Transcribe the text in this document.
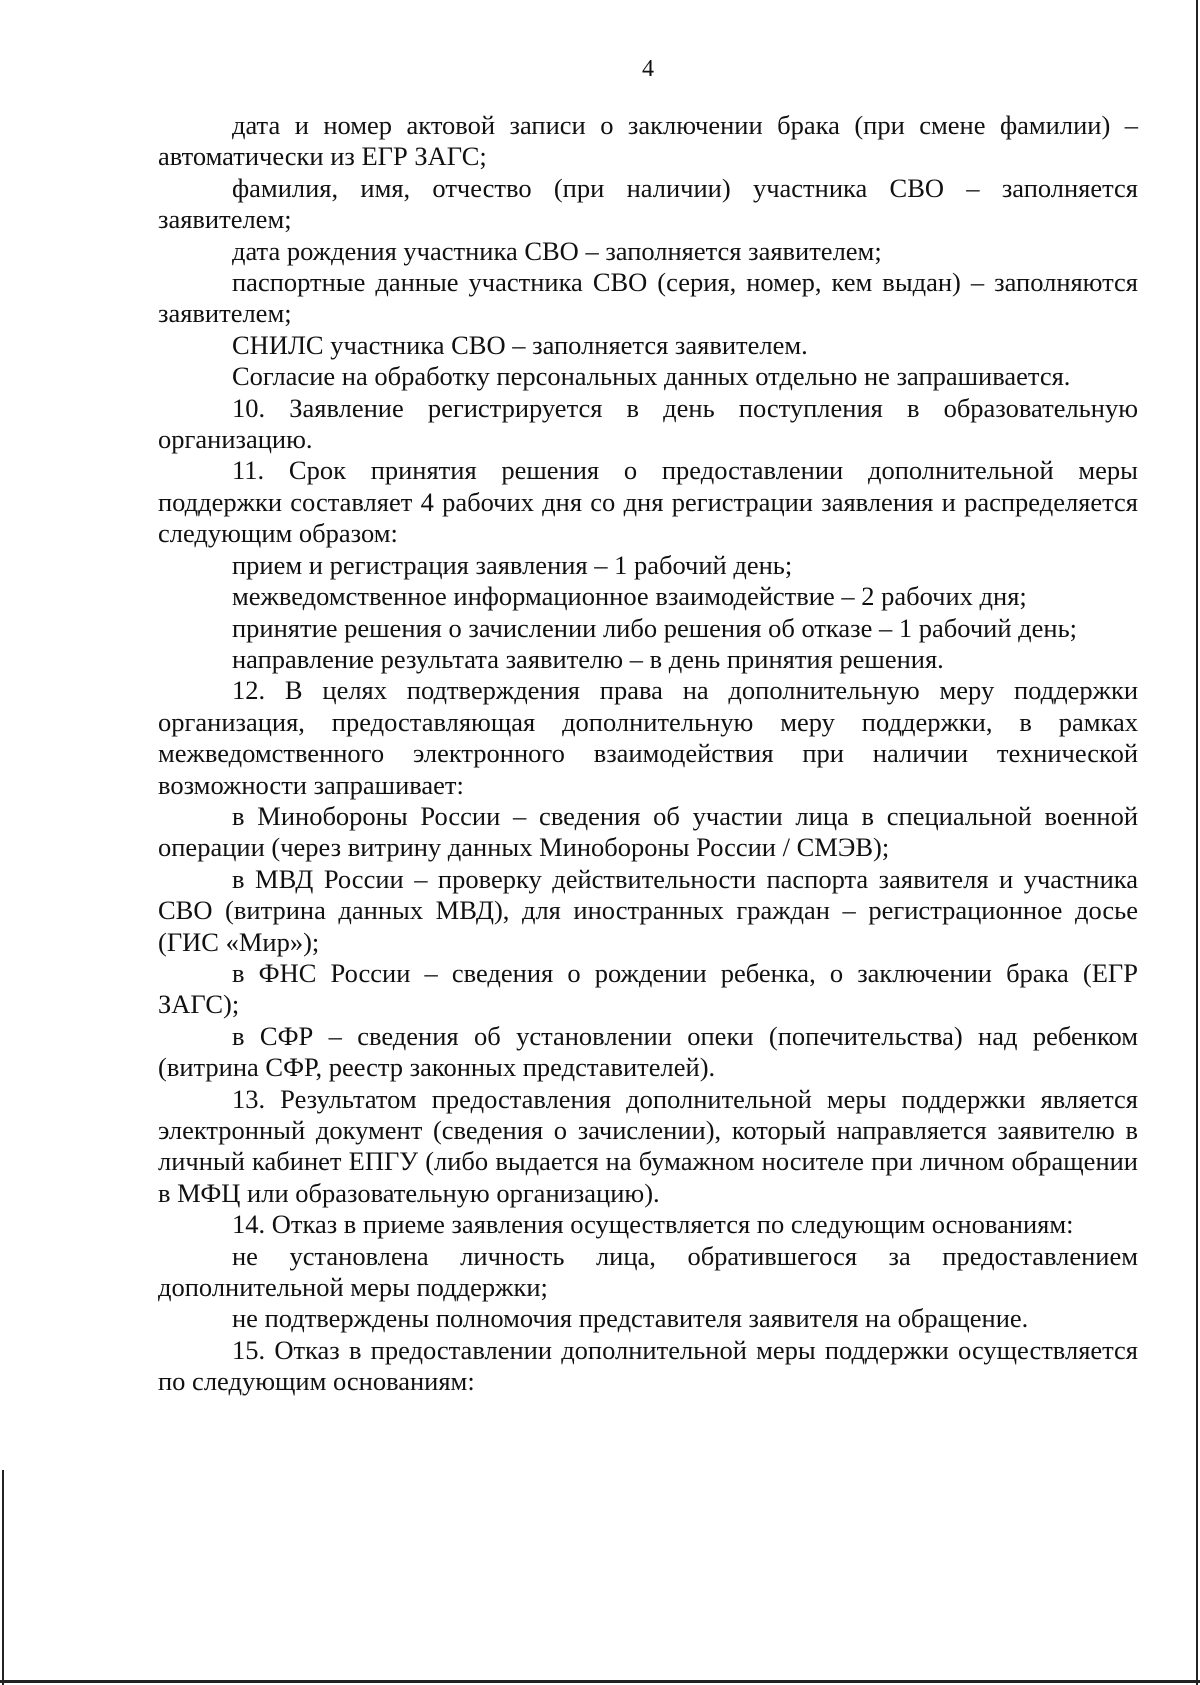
4

дата и номер актовой записи о заключении брака (при смене фамилии) – автоматически из ЕГР ЗАГС;

фамилия, имя, отчество (при наличии) участника СВО – заполняется заявителем;

дата рождения участника СВО – заполняется заявителем;

паспортные данные участника СВО (серия, номер, кем выдан) – заполняются заявителем;

СНИЛС участника СВО – заполняется заявителем.

Согласие на обработку персональных данных отдельно не запрашивается.

10. Заявление регистрируется в день поступления в образовательную организацию.

11. Срок принятия решения о предоставлении дополнительной меры поддержки составляет 4 рабочих дня со дня регистрации заявления и распределяется следующим образом:

прием и регистрация заявления – 1 рабочий день;

межведомственное информационное взаимодействие – 2 рабочих дня;

принятие решения о зачислении либо решения об отказе – 1 рабочий день;

направление результата заявителю – в день принятия решения.

12. В целях подтверждения права на дополнительную меру поддержки организация, предоставляющая дополнительную меру поддержки, в рамках межведомственного электронного взаимодействия при наличии технической возможности запрашивает:

в Минобороны России – сведения об участии лица в специальной военной операции (через витрину данных Минобороны России / СМЭВ);

в МВД России – проверку действительности паспорта заявителя и участника СВО (витрина данных МВД), для иностранных граждан – регистрационное досье (ГИС «Мир»);

в ФНС России – сведения о рождении ребенка, о заключении брака (ЕГР ЗАГС);

в СФР – сведения об установлении опеки (попечительства) над ребенком (витрина СФР, реестр законных представителей).

13. Результатом предоставления дополнительной меры поддержки является электронный документ (сведения о зачислении), который направляется заявителю в личный кабинет ЕПГУ (либо выдается на бумажном носителе при личном обращении в МФЦ или образовательную организацию).

14. Отказ в приеме заявления осуществляется по следующим основаниям:

не установлена личность лица, обратившегося за предоставлением дополнительной меры поддержки;

не подтверждены полномочия представителя заявителя на обращение.

15. Отказ в предоставлении дополнительной меры поддержки осуществляется по следующим основаниям:
